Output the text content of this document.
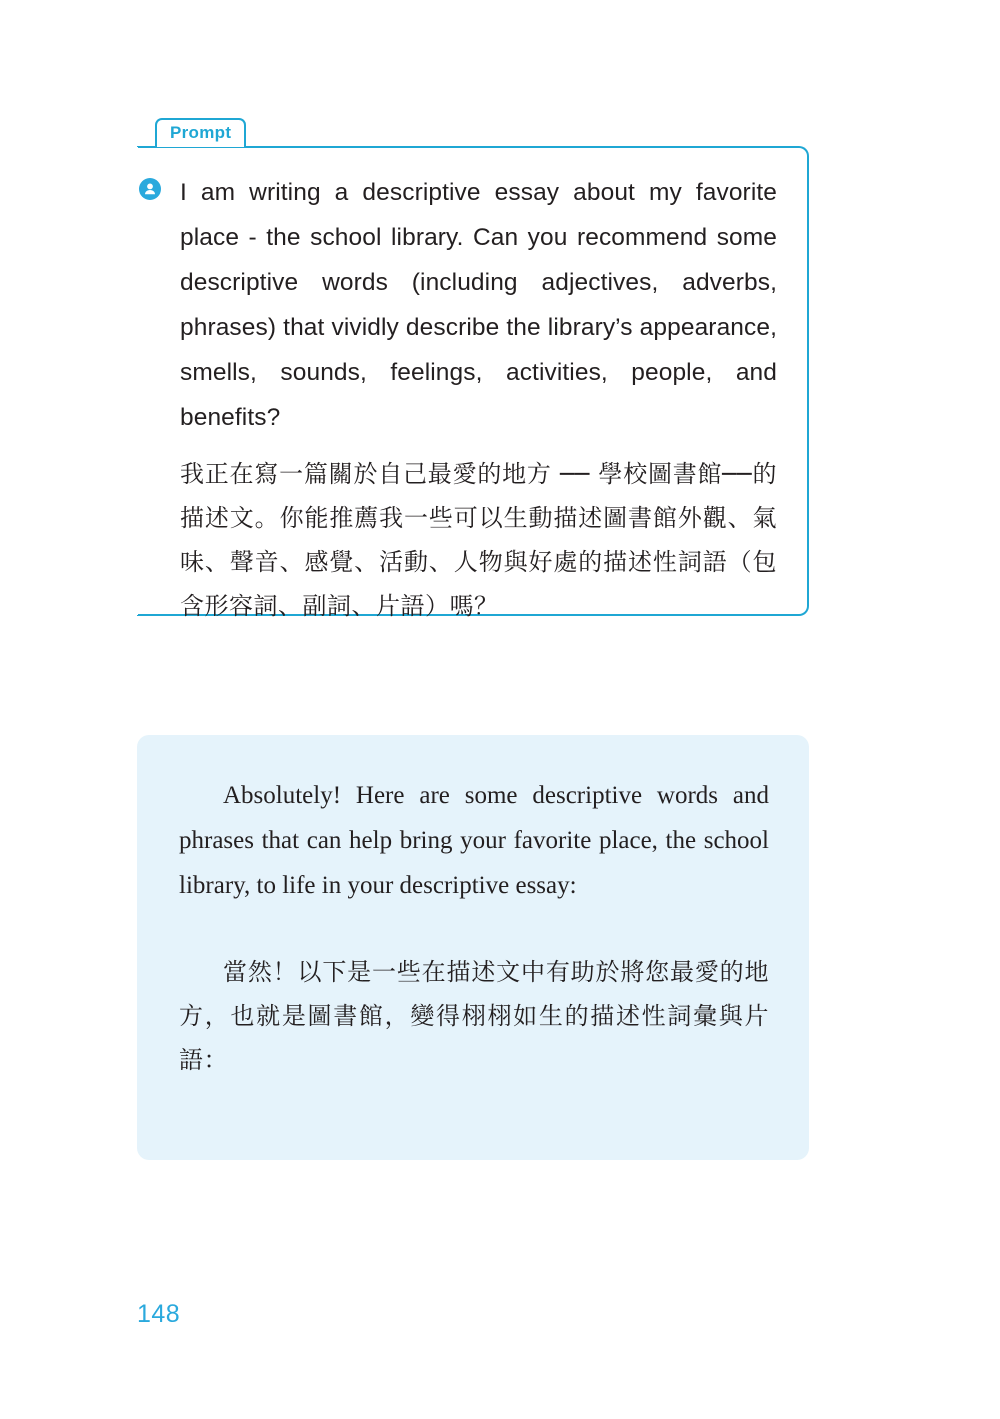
Prompt

I am writing a descriptive essay about my favorite place - the school library. Can you recommend some descriptive words (including adjectives, adverbs, phrases) that vividly describe the library’s appearance, smells, sounds, feelings, activities, people, and benefits?

我正在寫一篇關於自己最愛的地方 ── 學校圖書館──的描述文。你能推薦我一些可以生動描述圖書館外觀、氣味、聲音、感覺、活動、人物與好處的描述性詞語（包含形容詞、副詞、片語）嗎？

Absolutely! Here are some descriptive words and phrases that can help bring your favorite place, the school library, to life in your descriptive essay:

當然！以下是一些在描述文中有助於將您最愛的地方，也就是圖書館，變得栩栩如生的描述性詞彙與片語：

148
